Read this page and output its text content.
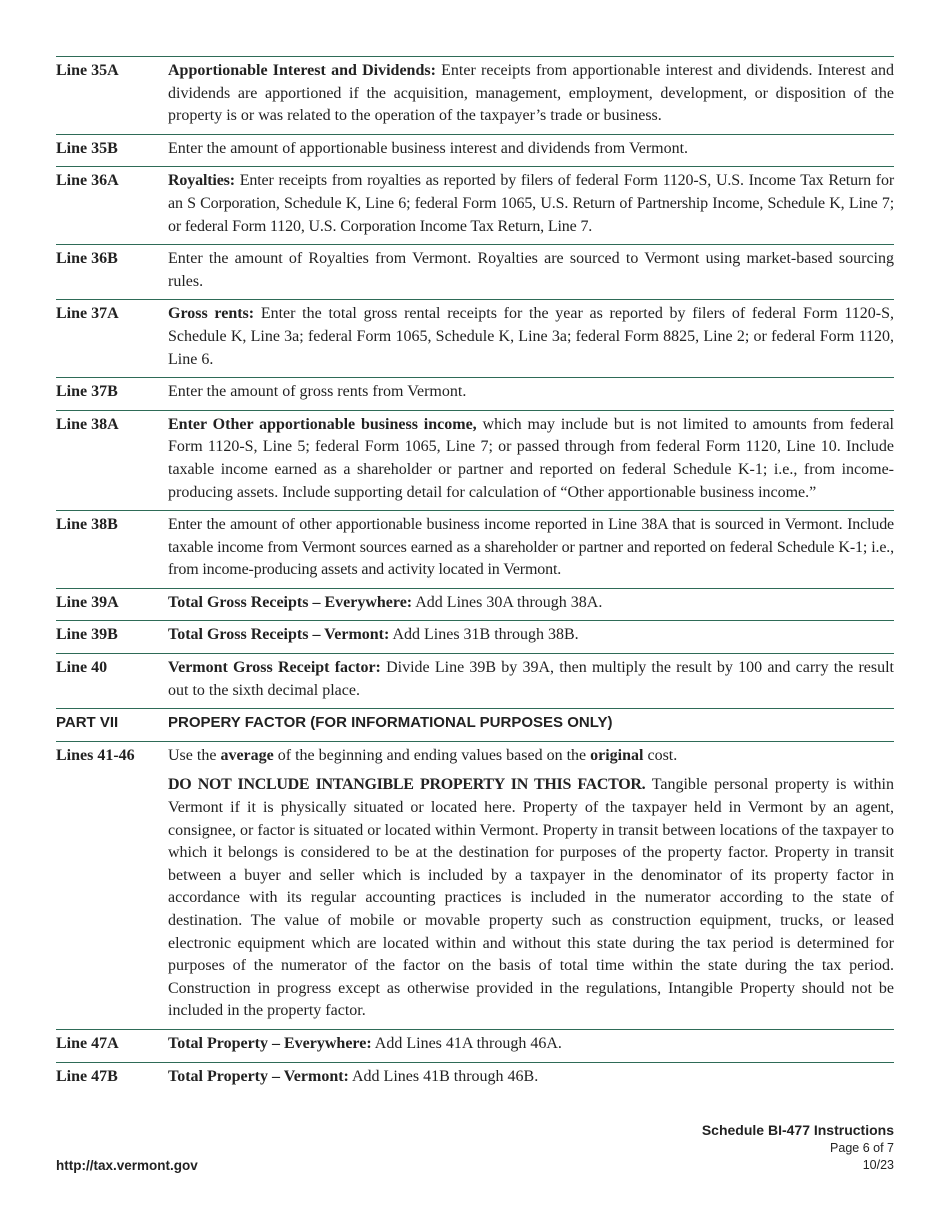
Line 35A	Apportionable Interest and Dividends: Enter receipts from apportionable interest and dividends. Interest and dividends are apportioned if the acquisition, management, employment, development, or disposition of the property is or was related to the operation of the taxpayer’s trade or business.
Line 35B	Enter the amount of apportionable business interest and dividends from Vermont.
Line 36A	Royalties: Enter receipts from royalties as reported by filers of federal Form 1120-S, U.S. Income Tax Return for an S Corporation, Schedule K, Line 6; federal Form 1065, U.S. Return of Partnership Income, Schedule K, Line 7; or federal Form 1120, U.S. Corporation Income Tax Return, Line 7.
Line 36B	Enter the amount of Royalties from Vermont. Royalties are sourced to Vermont using market-based sourcing rules.
Line 37A	Gross rents: Enter the total gross rental receipts for the year as reported by filers of federal Form 1120-S, Schedule K, Line 3a; federal Form 1065, Schedule K, Line 3a; federal Form 8825, Line 2; or federal Form 1120, Line 6.
Line 37B	Enter the amount of gross rents from Vermont.
Line 38A	Enter Other apportionable business income, which may include but is not limited to amounts from federal Form 1120-S, Line 5; federal Form 1065, Line 7; or passed through from federal Form 1120, Line 10. Include taxable income earned as a shareholder or partner and reported on federal Schedule K-1; i.e., from income-producing assets. Include supporting detail for calculation of “Other apportionable business income.”
Line 38B	Enter the amount of other apportionable business income reported in Line 38A that is sourced in Vermont. Include taxable income from Vermont sources earned as a shareholder or partner and reported on federal Schedule K-1; i.e., from income-producing assets and activity located in Vermont.
Line 39A	Total Gross Receipts – Everywhere: Add Lines 30A through 38A.
Line 39B	Total Gross Receipts – Vermont: Add Lines 31B through 38B.
Line 40	Vermont Gross Receipt factor: Divide Line 39B by 39A, then multiply the result by 100 and carry the result out to the sixth decimal place.
PART VII	PROPERY FACTOR (FOR INFORMATIONAL PURPOSES ONLY)
Lines 41-46	Use the average of the beginning and ending values based on the original cost.
DO NOT INCLUDE INTANGIBLE PROPERTY IN THIS FACTOR. Tangible personal property is within Vermont if it is physically situated or located here. Property of the taxpayer held in Vermont by an agent, consignee, or factor is situated or located within Vermont. Property in transit between locations of the taxpayer to which it belongs is considered to be at the destination for purposes of the property factor. Property in transit between a buyer and seller which is included by a taxpayer in the denominator of its property factor in accordance with its regular accounting practices is included in the numerator according to the state of destination. The value of mobile or movable property such as construction equipment, trucks, or leased electronic equipment which are located within and without this state during the tax period is determined for purposes of the numerator of the factor on the basis of total time within the state during the tax period. Construction in progress except as otherwise provided in the regulations, Intangible Property should not be included in the property factor.
Line 47A	Total Property – Everywhere: Add Lines 41A through 46A.
Line 47B	Total Property – Vermont: Add Lines 41B through 46B.
Schedule BI-477 Instructions
Page 6 of 7
10/23
http://tax.vermont.gov
